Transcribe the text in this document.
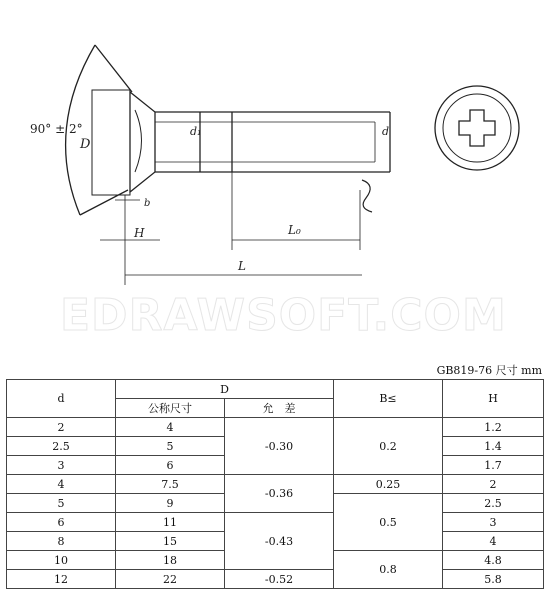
90° ± 2°
D
d₁	d
b
H	L₀
L
EDRAWSOFT.COM
GB819-76 尺寸 mm
d	D		B≤	H
	公称尺寸	允　差		
2	4	-0.30	0.2	1.2
2.5	5			1.4
3	6			1.7
4	7.5	-0.36	0.25	2
5	9		0.5	2.5
6	11	-0.43		3
8	15			4
10	18		0.8	4.8
12	22	-0.52		5.8
